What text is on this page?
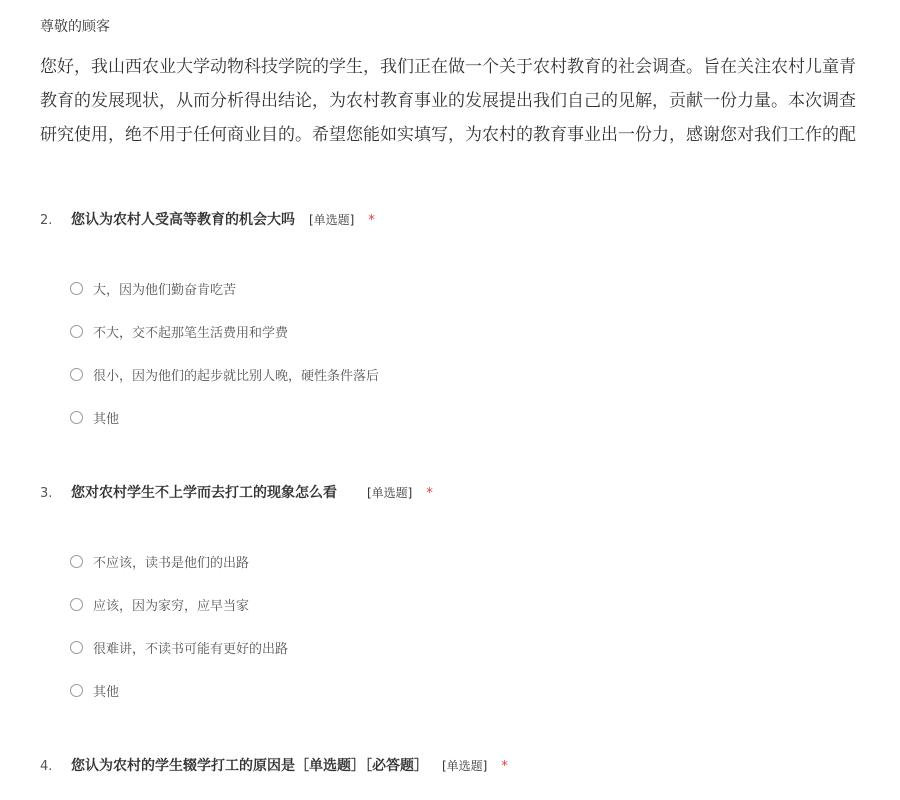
尊敬的顾客
您好，我山西农业大学动物科技学院的学生，我们正在做一个关于农村教育的社会调查。旨在关注农村儿童青
教育的发展现状，从而分析得出结论，为农村教育事业的发展提出我们自己的见解，贡献一份力量。本次调查
研究使用，绝不用于任何商业目的。希望您能如实填写，为农村的教育事业出一份力，感谢您对我们工作的配
2.	您认为农村人受高等教育的机会大吗 [单选题] *
大，因为他们勤奋肯吃苦
不大，交不起那笔生活费用和学费
很小，因为他们的起步就比别人晚，硬性条件落后
其他
3.	您对农村学生不上学而去打工的现象怎么看	[单选题] *
不应该，读书是他们的出路
应该，因为家穷，应早当家
很难讲，不读书可能有更好的出路
其他
4.	您认为农村的学生辍学打工的原因是［单选题］［必答题］ [单选题] *
